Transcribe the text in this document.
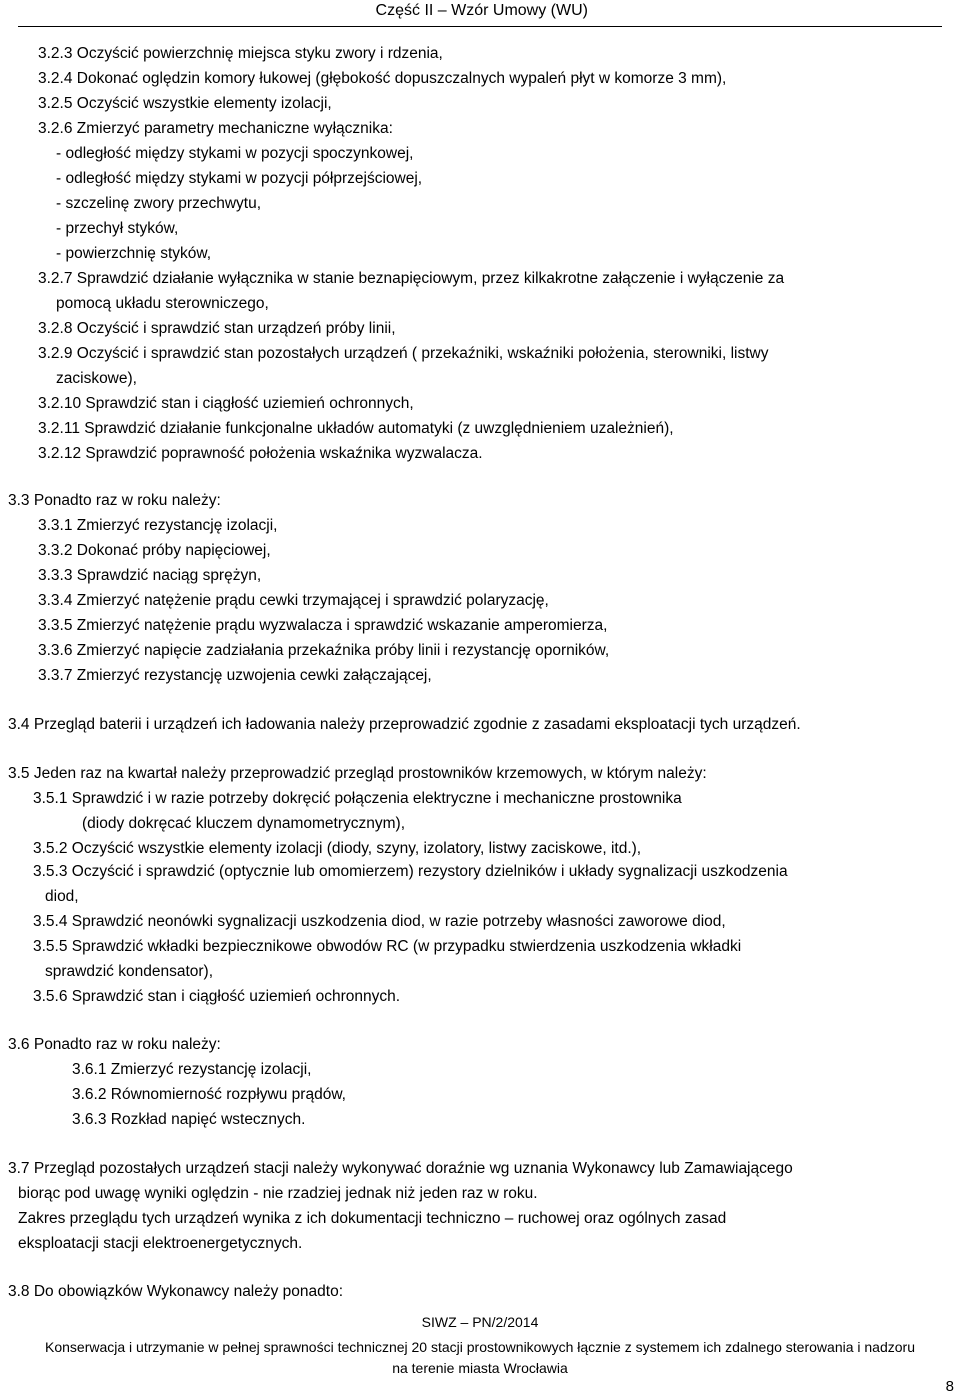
Część II – Wzór Umowy (WU)
3.2.3 Oczyścić powierzchnię miejsca styku zwory i rdzenia,
3.2.4 Dokonać oględzin komory łukowej (głębokość dopuszczalnych wypaleń płyt w komorze 3 mm),
3.2.5 Oczyścić wszystkie elementy izolacji,
3.2.6 Zmierzyć parametry mechaniczne wyłącznika:
- odległość między stykami w pozycji spoczynkowej,
- odległość między stykami w pozycji półprzejściowej,
- szczelinę zwory przechwytu,
- przechył styków,
- powierzchnię styków,
3.2.7 Sprawdzić działanie wyłącznika w stanie beznapięciowym, przez kilkakrotne załączenie i wyłączenie za
pomocą układu sterowniczego,
3.2.8 Oczyścić i sprawdzić stan urządzeń próby linii,
3.2.9 Oczyścić i sprawdzić stan pozostałych urządzeń ( przekaźniki, wskaźniki położenia, sterowniki, listwy
zaciskowe),
3.2.10 Sprawdzić stan i ciągłość uziemień ochronnych,
3.2.11 Sprawdzić działanie funkcjonalne układów automatyki (z uwzględnieniem uzależnień),
3.2.12 Sprawdzić poprawność położenia wskaźnika wyzwalacza.
3.3 Ponadto raz w roku należy:
3.3.1 Zmierzyć rezystancję izolacji,
3.3.2 Dokonać próby napięciowej,
3.3.3 Sprawdzić naciąg sprężyn,
3.3.4 Zmierzyć natężenie prądu cewki trzymającej i sprawdzić polaryzację,
3.3.5 Zmierzyć natężenie prądu wyzwalacza i sprawdzić wskazanie amperomierza,
3.3.6 Zmierzyć napięcie zadziałania przekaźnika próby linii i rezystancję oporników,
3.3.7 Zmierzyć rezystancję uzwojenia cewki załączającej,
3.4 Przegląd baterii i urządzeń ich ładowania należy przeprowadzić zgodnie z zasadami eksploatacji tych urządzeń.
3.5 Jeden raz na kwartał należy przeprowadzić przegląd prostowników krzemowych, w którym należy:
3.5.1 Sprawdzić i w razie potrzeby dokręcić połączenia elektryczne i mechaniczne prostownika
(diody dokręcać kluczem dynamometrycznym),
3.5.2 Oczyścić wszystkie elementy izolacji (diody, szyny, izolatory, listwy zaciskowe, itd.),
3.5.3 Oczyścić i sprawdzić (optycznie lub omomierzem) rezystory dzielników i układy sygnalizacji uszkodzenia
diod,
3.5.4 Sprawdzić neonówki sygnalizacji uszkodzenia diod, w razie potrzeby własności zaworowe diod,
3.5.5 Sprawdzić wkładki bezpiecznikowe obwodów RC (w przypadku stwierdzenia uszkodzenia wkładki
sprawdzić kondensator),
3.5.6 Sprawdzić stan i ciągłość uziemień ochronnych.
3.6 Ponadto raz w roku należy:
3.6.1 Zmierzyć rezystancję izolacji,
3.6.2 Równomierność rozpływu prądów,
3.6.3 Rozkład napięć wstecznych.
3.7 Przegląd pozostałych urządzeń stacji należy wykonywać doraźnie wg uznania Wykonawcy lub Zamawiającego
biorąc pod uwagę wyniki oględzin - nie rzadziej jednak niż jeden raz w roku.
Zakres przeglądu tych urządzeń wynika z ich dokumentacji techniczno – ruchowej oraz ogólnych zasad
eksploatacji stacji elektroenergetycznych.
3.8 Do obowiązków Wykonawcy należy ponadto:
SIWZ – PN/2/2014
Konserwacja i utrzymanie w pełnej sprawności technicznej 20 stacji prostownikowych łącznie z systemem ich zdalnego sterowania i nadzoru
na terenie miasta Wrocławia
8
